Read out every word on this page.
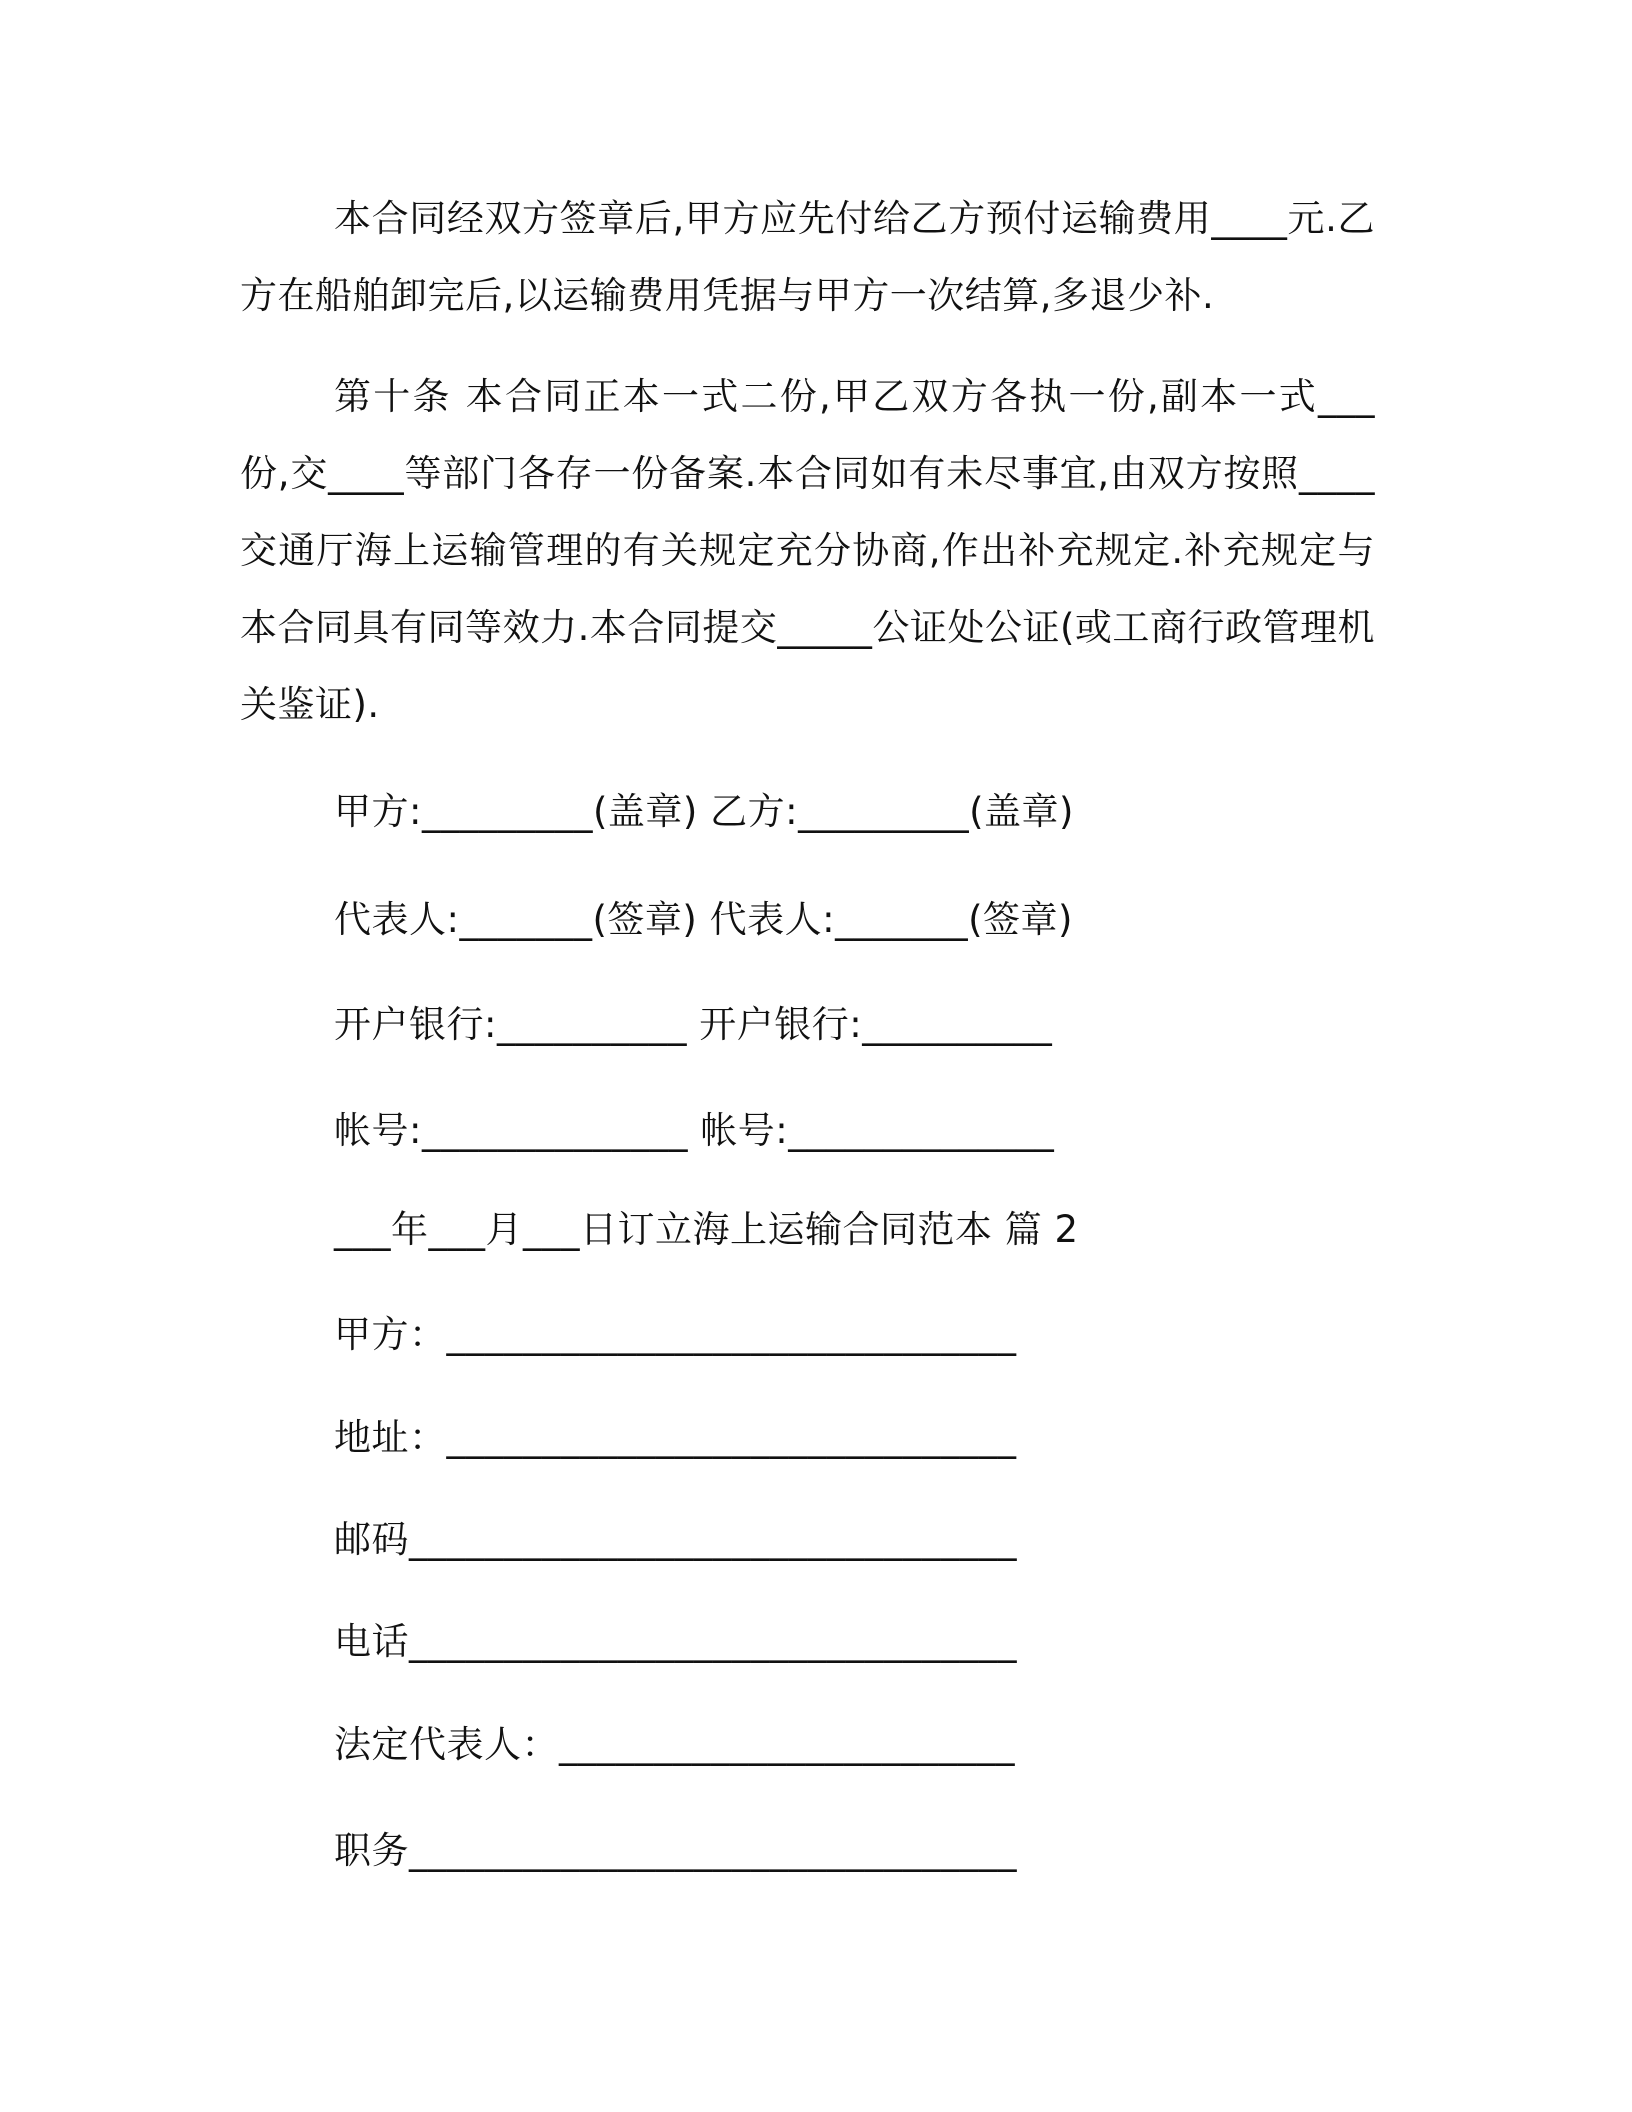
本合同经双方签章后,甲方应先付给乙方预付运输费用____元.乙方在船舶卸完后,以运输费用凭据与甲方一次结算,多退少补.

第十条 本合同正本一式二份,甲乙双方各执一份,副本一式___份,交____等部门各存一份备案.本合同如有未尽事宜,由双方按照____交通厅海上运输管理的有关规定充分协商,作出补充规定.补充规定与本合同具有同等效力.本合同提交_____公证处公证(或工商行政管理机关鉴证).

甲方:_________(盖章) 乙方:_________(盖章)

代表人:_______(签章) 代表人:_______(签章)

开户银行:__________ 开户银行:__________

帐号:______________ 帐号:______________

___年___月___日订立海上运输合同范本 篇 2

甲方：______________________________

地址：______________________________

邮码________________________________

电话________________________________

法定代表人：________________________

职务________________________________
